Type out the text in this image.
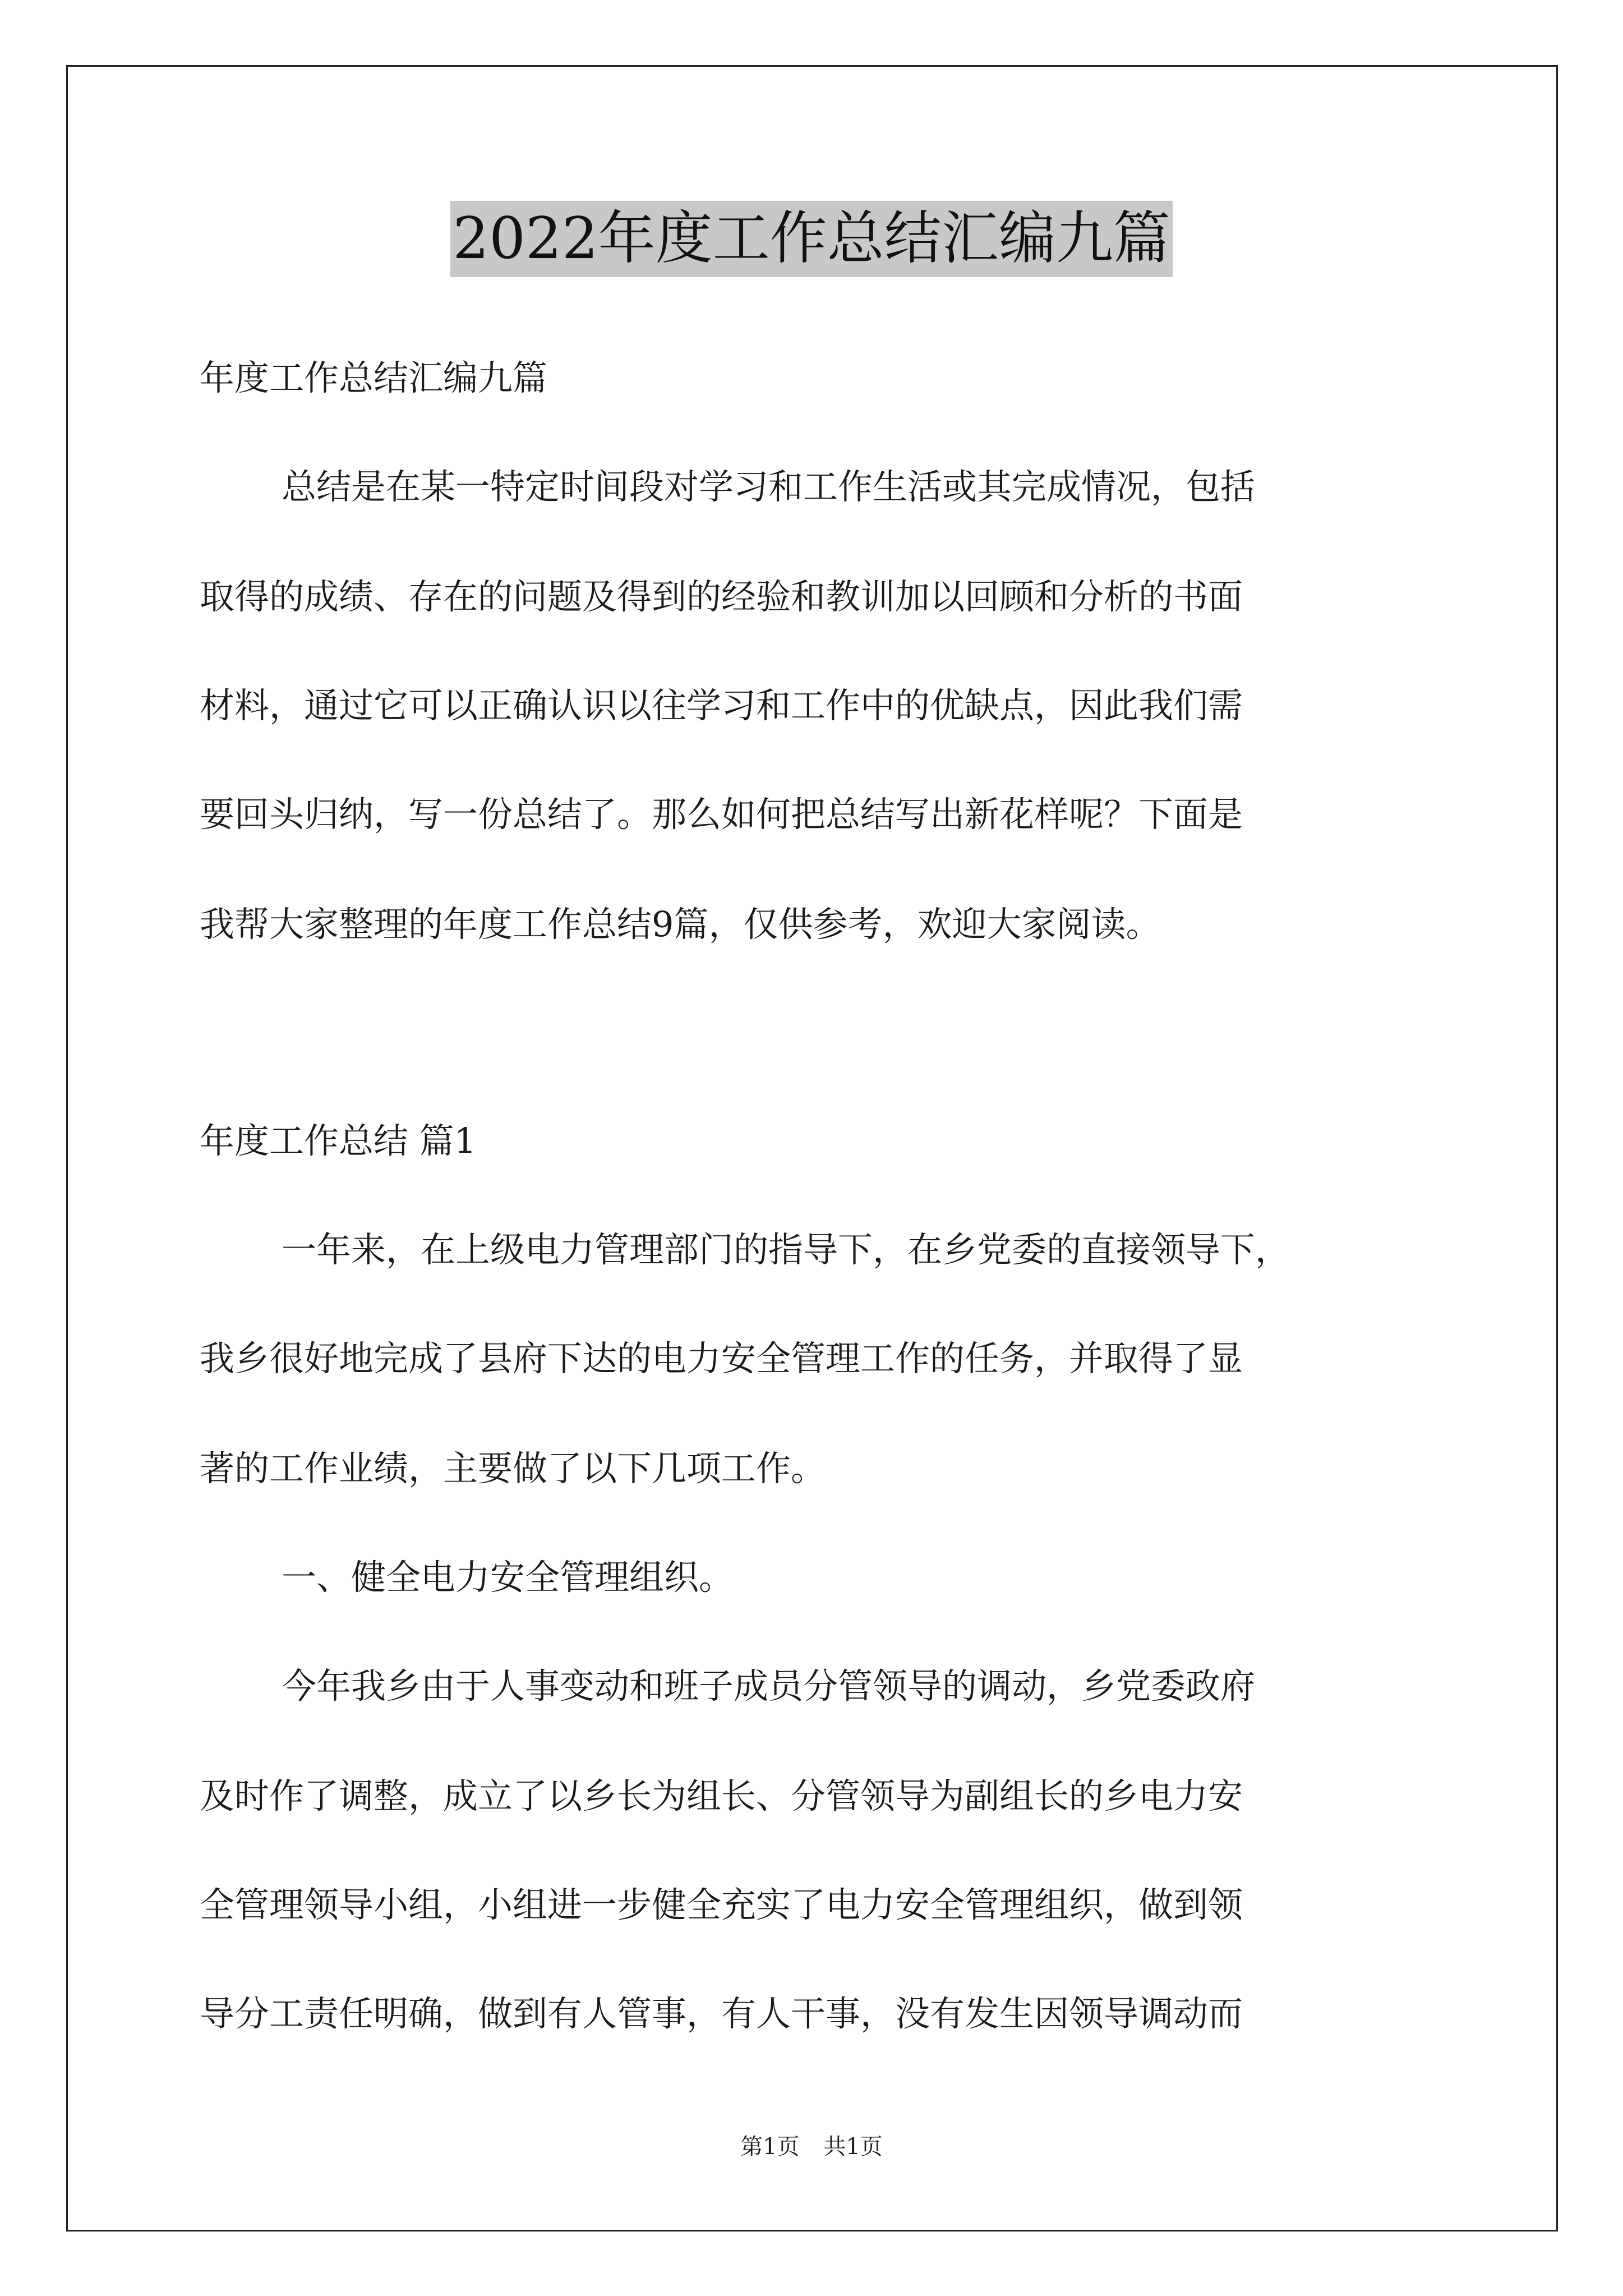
2022年度工作总结汇编九篇
年度工作总结汇编九篇
总结是在某一特定时间段对学习和工作生活或其完成情况，包括
取得的成绩、存在的问题及得到的经验和教训加以回顾和分析的书面
材料，通过它可以正确认识以往学习和工作中的优缺点，因此我们需
要回头归纳，写一份总结了。那么如何把总结写出新花样呢？下面是
我帮大家整理的年度工作总结9篇，仅供参考，欢迎大家阅读。
年度工作总结 篇1
一年来，在上级电力管理部门的指导下，在乡党委的直接领导下，
我乡很好地完成了县府下达的电力安全管理工作的任务，并取得了显
著的工作业绩，主要做了以下几项工作。
一、健全电力安全管理组织。
今年我乡由于人事变动和班子成员分管领导的调动，乡党委政府
及时作了调整，成立了以乡长为组长、分管领导为副组长的乡电力安
全管理领导小组，小组进一步健全充实了电力安全管理组织，做到领
导分工责任明确，做到有人管事，有人干事，没有发生因领导调动而
第1页 共1页
